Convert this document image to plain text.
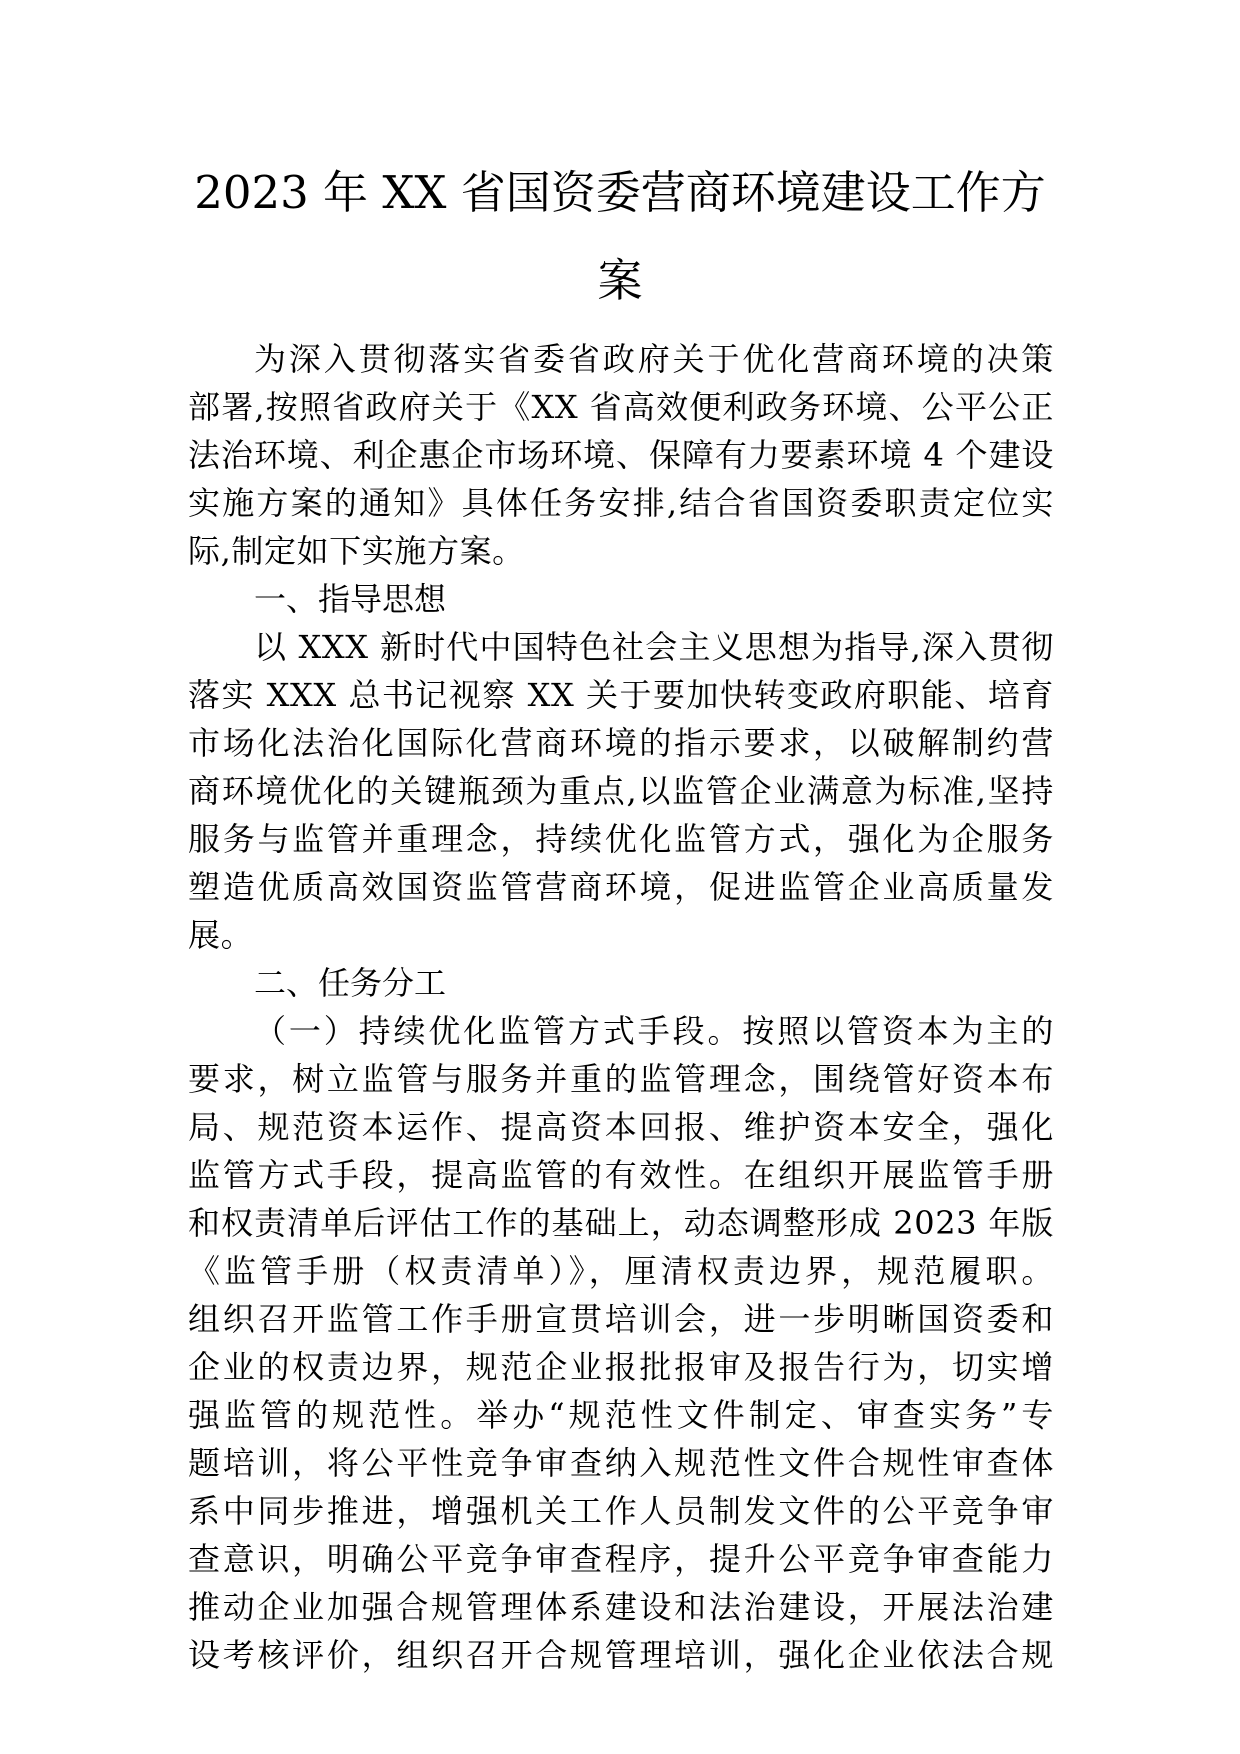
2023 年 XX 省国资委营商环境建设工作方
案
为深入贯彻落实省委省政府关于优化营商环境的决策
部署,按照省政府关于《XX 省高效便利政务环境、公平公正
法治环境、利企惠企市场环境、保障有力要素环境 4 个建设
实施方案的通知》具体任务安排,结合省国资委职责定位实
际,制定如下实施方案。
一、指导思想
以 XXX 新时代中国特色社会主义思想为指导,深入贯彻
落实 XXX 总书记视察 XX 关于要加快转变政府职能、培育
市场化法治化国际化营商环境的指示要求，以破解制约营
商环境优化的关键瓶颈为重点,以监管企业满意为标准,坚持
服务与监管并重理念，持续优化监管方式，强化为企服务
塑造优质高效国资监管营商环境，促进监管企业高质量发
展。
二、任务分工
（一）持续优化监管方式手段。按照以管资本为主的
要求，树立监管与服务并重的监管理念，围绕管好资本布
局、规范资本运作、提高资本回报、维护资本安全，强化
监管方式手段，提高监管的有效性。在组织开展监管手册
和权责清单后评估工作的基础上，动态调整形成 2023 年版
《监管手册（权责清单）》，厘清权责边界，规范履职。
组织召开监管工作手册宣贯培训会，进一步明晰国资委和
企业的权责边界，规范企业报批报审及报告行为，切实增
强监管的规范性。举办“规范性文件制定、审查实务”专
题培训，将公平性竞争审查纳入规范性文件合规性审查体
系中同步推进，增强机关工作人员制发文件的公平竞争审
查意识，明确公平竞争审查程序，提升公平竞争审查能力
推动企业加强合规管理体系建设和法治建设，开展法治建
设考核评价，组织召开合规管理培训，强化企业依法合规
